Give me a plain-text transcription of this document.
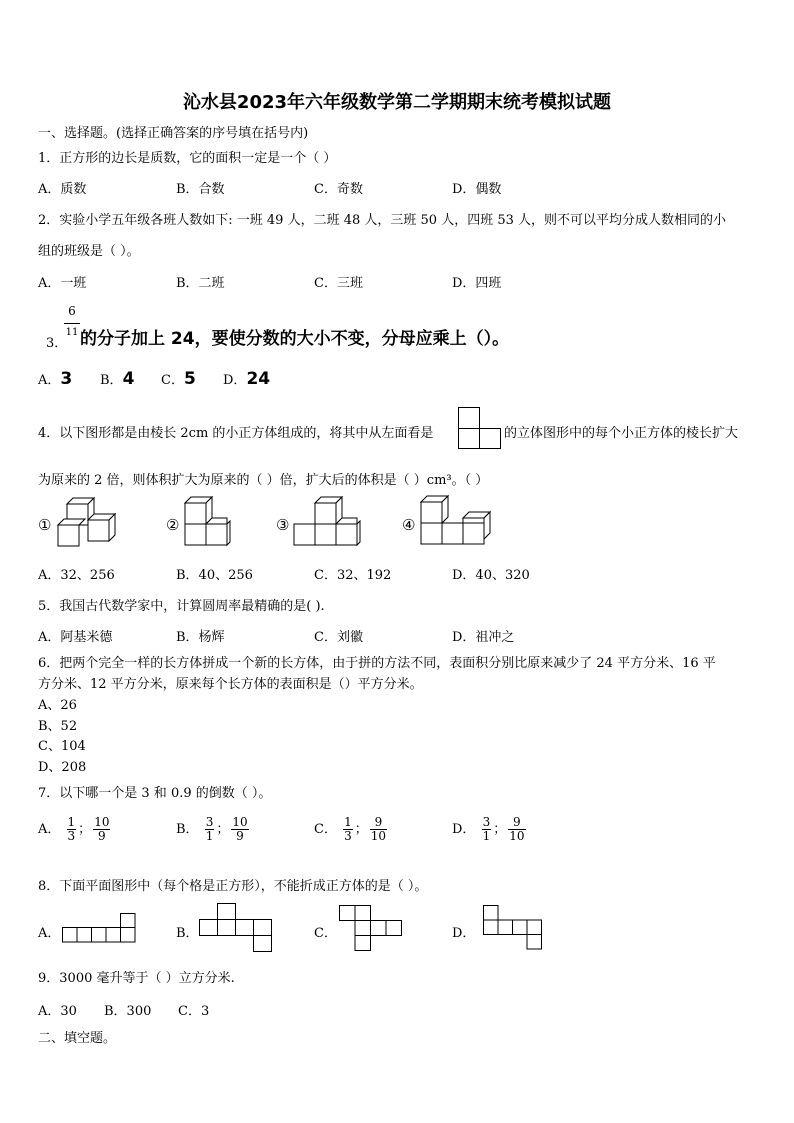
沁水县2023年六年级数学第二学期期末统考模拟试题
一、选择题。(选择正确答案的序号填在括号内)
1．正方形的边长是质数，它的面积一定是一个（ ）
A．质数	B．合数	C．奇数	D．偶数
2．实验小学五年级各班人数如下: 一班 49 人，二班 48 人，三班 50 人，四班 53 人，则不可以平均分成人数相同的小
组的班级是（ ）。
A．一班	B．二班	C．三班	D．四班
3．
6
11 的分子加上 24，要使分数的大小不变，分母应乘上（）。
A．3 B．4 C．5 D．24
4．以下图形都是由棱长 2cm 的小正方体组成的，将其中从左面看是	的立体图形中的每个小正方体的棱长扩大
为原来的 2 倍，则体积扩大为原来的（ ）倍，扩大后的体积是（ ）cm³。（ ）
①	②	③	④
A．32、256	B．40、256	C．32、192	D．40、320
5．我国古代数学家中，计算圆周率最精确的是( ).
A．阿基米德	B．杨辉	C．刘徽	D．祖冲之
6．把两个完全一样的长方体拼成一个新的长方体，由于拼的方法不同，表面积分别比原来减少了 24 平方分米、16 平
方分米、12 平方分米，原来每个长方体的表面积是（）平方分米。
A、26
B、52
C、104
D、208
7．以下哪一个是 3 和 0.9 的倒数（ ）。
A． $\frac{1}{3}$ ； $\frac{10}{9}$	B． $\frac{3}{1}$ ； $\frac{10}{9}$	C． $\frac{1}{3}$ ； $\frac{9}{10}$	D． $\frac{3}{1}$ ； $\frac{9}{10}$
8．下面平面图形中（每个格是正方形），不能折成正方体的是（ ）。
A．	B．	C．	D．
9．3000 毫升等于（ ）立方分米.
A．30 B．300 C．3
二、填空题。
